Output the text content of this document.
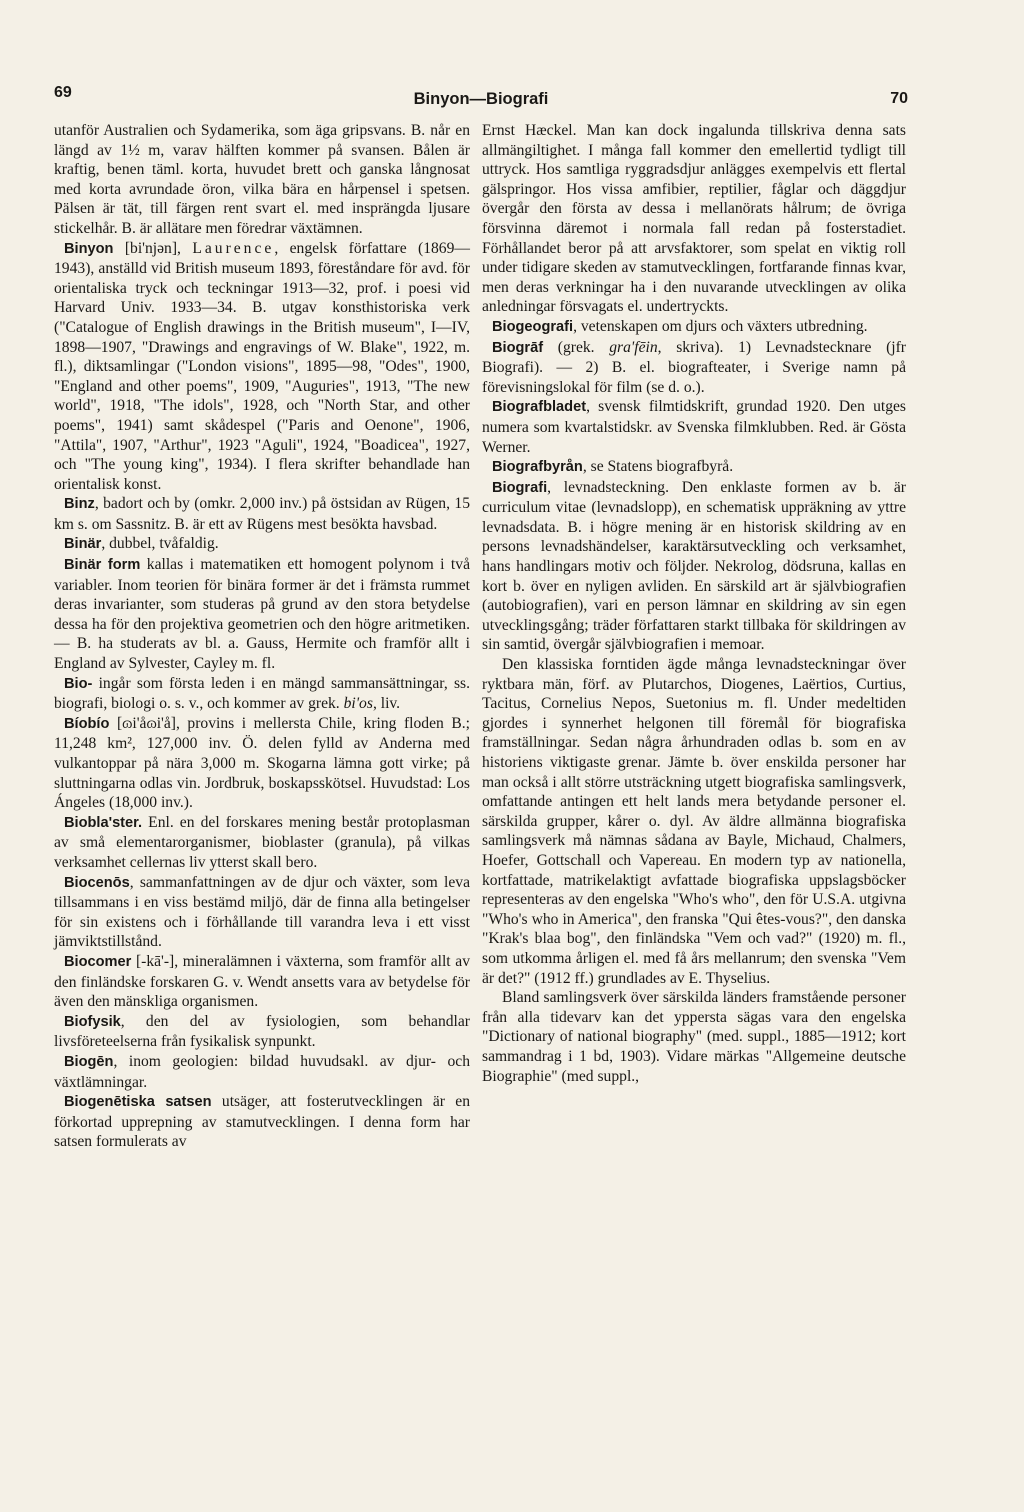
69	Binyon—Biografi	70

utanför Australien och Sydamerika, som äga gripsvans. B. når en längd av 1½ m, varav hälften kommer på svansen. Bålen är kraftig, benen täml. korta, huvudet brett och ganska långnosat med korta avrundade öron, vilka bära en hårpensel i spetsen. Pälsen är tät, till färgen rent svart el. med insprängda ljusare stickelhår. B. är allätare men föredrar växtämnen.

Binyon [bi'njən], Laurence, engelsk författare (1869—1943), anställd vid British museum 1893, föreståndare för avd. för orientaliska tryck och teckningar 1913—32, prof. i poesi vid Harvard Univ. 1933—34. B. utgav konsthistoriska verk ("Catalogue of English drawings in the British museum", I—IV, 1898—1907, "Drawings and engravings of W. Blake", 1922, m. fl.), diktsamlingar ("London visions", 1895—98, "Odes", 1900, "England and other poems", 1909, "Auguries", 1913, "The new world", 1918, "The idols", 1928, och "North Star, and other poems", 1941) samt skådespel ("Paris and Oenone", 1906, "Attila", 1907, "Arthur", 1923 "Aguli", 1924, "Boadicea", 1927, och "The young king", 1934). I flera skrifter behandlade han orientalisk konst.

Binz, badort och by (omkr. 2,000 inv.) på östsidan av Rügen, 15 km s. om Sassnitz. B. är ett av Rügens mest besökta havsbad.

Binär, dubbel, tvåfaldig.

Binär form kallas i matematiken ett homogent polynom i två variabler. Inom teorien för binära former är det i främsta rummet deras invarianter, som studeras på grund av den stora betydelse dessa ha för den projektiva geometrien och den högre aritmetiken. — B. ha studerats av bl. a. Gauss, Hermite och framför allt i England av Sylvester, Cayley m. fl.

Bio- ingår som första leden i en mängd sammansättningar, ss. biografi, biologi o. s. v., och kommer av grek. bi'os, liv.

Bíobío [ɷi'åɷi'å], provins i mellersta Chile, kring floden B.; 11,248 km², 127,000 inv. Ö. delen fylld av Anderna med vulkantoppar på nära 3,000 m. Skogarna lämna gott virke; på sluttningarna odlas vin. Jordbruk, boskapsskötsel. Huvudstad: Los Ángeles (18,000 inv.).

Biobla'ster. Enl. en del forskares mening består protoplasman av små elementarorganismer, bioblaster (granula), på vilkas verksamhet cellernas liv ytterst skall bero.

Biocenōs, sammanfattningen av de djur och växter, som leva tillsammans i en viss bestämd miljö, där de finna alla betingelser för sin existens och i förhållande till varandra leva i ett visst jämviktstillstånd.

Biocomer [-kā'-], mineralämnen i växterna, som framför allt av den finländske forskaren G. v. Wendt ansetts vara av betydelse för även den mänskliga organismen.

Biofysik, den del av fysiologien, som behandlar livsföreteelserna från fysikalisk synpunkt.

Biogēn, inom geologien: bildad huvudsakl. av djur- och växtlämningar.

Biogenētiska satsen utsäger, att fosterutvecklingen är en förkortad upprepning av stamutvecklingen. I denna form har satsen formulerats av

Ernst Hæckel. Man kan dock ingalunda tillskriva denna sats allmängiltighet. I många fall kommer den emellertid tydligt till uttryck. Hos samtliga ryggradsdjur anlägges exempelvis ett flertal gälspringor. Hos vissa amfibier, reptilier, fåglar och däggdjur övergår den första av dessa i mellanörats hålrum; de övriga försvinna däremot i normala fall redan på fosterstadiet. Förhållandet beror på att arvsfaktorer, som spelat en viktig roll under tidigare skeden av stamutvecklingen, fortfarande finnas kvar, men deras verkningar ha i den nuvarande utvecklingen av olika anledningar försvagats el. undertryckts.

Biogeografi, vetenskapen om djurs och växters utbredning.

Biogrāf (grek. gra'fēin, skriva). 1) Levnadstecknare (jfr Biografi). — 2) B. el. biografteater, i Sverige namn på förevisningslokal för film (se d. o.).

Biografbladet, svensk filmtidskrift, grundad 1920. Den utges numera som kvartalstidskr. av Svenska filmklubben. Red. är Gösta Werner.

Biografbyrån, se Statens biografbyrå.

Biografi, levnadsteckning. Den enklaste formen av b. är curriculum vitae (levnadslopp), en schematisk uppräkning av yttre levnadsdata. B. i högre mening är en historisk skildring av en persons levnadshändelser, karaktärsutveckling och verksamhet, hans handlingars motiv och följder. Nekrolog, dödsruna, kallas en kort b. över en nyligen avliden. En särskild art är självbiografien (autobiografien), vari en person lämnar en skildring av sin egen utvecklingsgång; träder författaren starkt tillbaka för skildringen av sin samtid, övergår självbiografien i memoar.

Den klassiska forntiden ägde många levnadsteckningar över ryktbara män, förf. av Plutarchos, Diogenes, Laërtios, Curtius, Tacitus, Cornelius Nepos, Suetonius m. fl. Under medeltiden gjordes i synnerhet helgonen till föremål för biografiska framställningar. Sedan några århundraden odlas b. som en av historiens viktigaste grenar. Jämte b. över enskilda personer har man också i allt större utsträckning utgett biografiska samlingsverk, omfattande antingen ett helt lands mera betydande personer el. särskilda grupper, kårer o. dyl. Av äldre allmänna biografiska samlingsverk må nämnas sådana av Bayle, Michaud, Chalmers, Hoefer, Gottschall och Vapereau. En modern typ av nationella, kortfattade, matrikelaktigt avfattade biografiska uppslagsböcker representeras av den engelska "Who's who", den för U.S.A. utgivna "Who's who in America", den franska "Qui êtes-vous?", den danska "Krak's blaa bog", den finländska "Vem och vad?" (1920) m. fl., som utkomma årligen el. med få års mellanrum; den svenska "Vem är det?" (1912 ff.) grundlades av E. Thyselius.

Bland samlingsverk över särskilda länders framstående personer från alla tidevarv kan det yppersta sägas vara den engelska "Dictionary of national biography" (med. suppl., 1885—1912; kort sammandrag i 1 bd, 1903). Vidare märkas "Allgemeine deutsche Biographie" (med suppl.,
